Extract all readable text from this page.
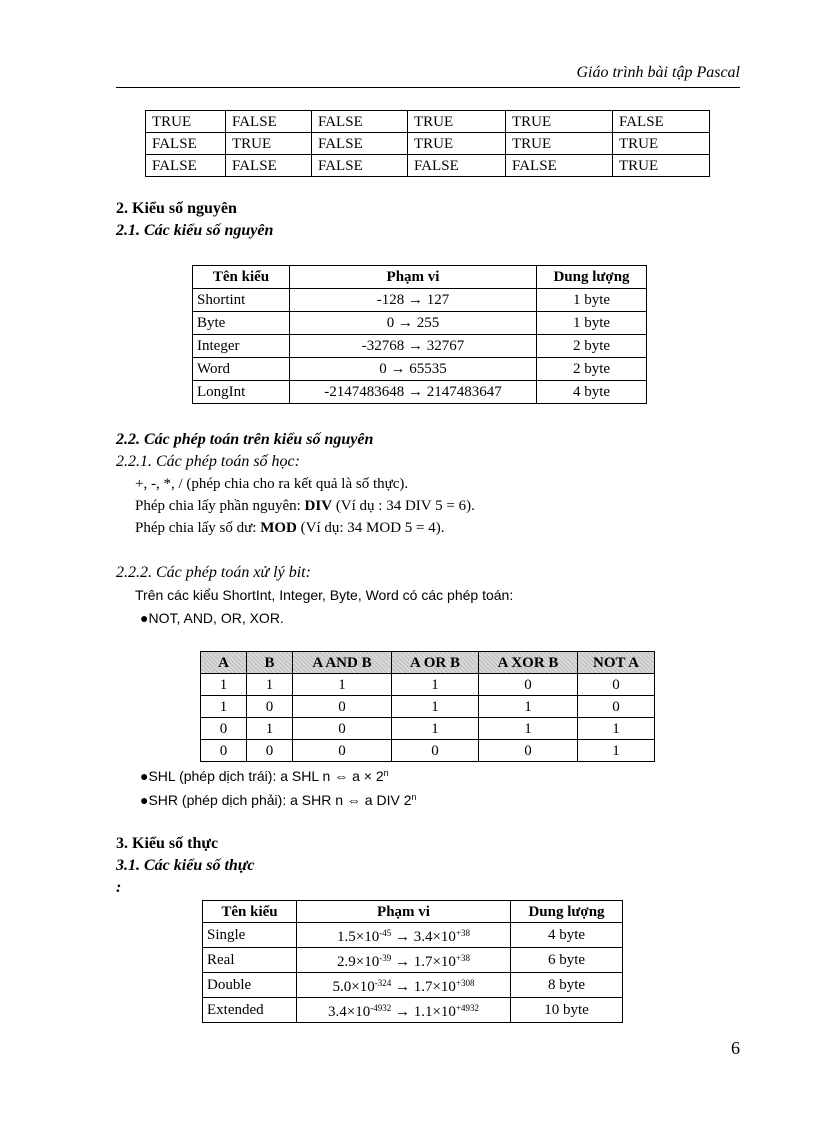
Giáo trình bài tập Pascal
TRUE	FALSE	FALSE	TRUE	TRUE	FALSE
FALSE	TRUE	FALSE	TRUE	TRUE	TRUE
FALSE	FALSE	FALSE	FALSE	FALSE	TRUE
2. Kiểu số nguyên
2.1. Các kiểu số nguyên
Tên kiểu	Phạm vi	Dung lượng
Shortint	-128 → 127	1 byte
Byte	0 → 255	1 byte
Integer	-32768 → 32767	2 byte
Word	0 → 65535	2 byte
LongInt	-2147483648 → 2147483647	4 byte
2.2. Các phép toán trên kiểu số nguyên
2.2.1. Các phép toán số học:
+, -, *, / (phép chia cho ra kết quả là số thực).
Phép chia lấy phần nguyên: DIV (Ví dụ : 34 DIV 5 = 6).
Phép chia lấy số dư: MOD (Ví dụ: 34 MOD 5 = 4).
2.2.2. Các phép toán xử lý bit:
Trên các kiểu ShortInt, Integer, Byte, Word có các phép toán:
●NOT, AND, OR, XOR.
A	B	A AND B	A OR B	A XOR B	NOT A
1	1	1	1	0	0
1	0	0	1	1	0
0	1	0	1	1	1
0	0	0	0	0	1
●SHL (phép dịch trái): a SHL n ⇔ $a \times 2^n$
●SHR (phép dịch phải): a SHR n ⇔ a DIV 2$^n$
3. Kiểu số thực
3.1. Các kiểu số thực
:
Tên kiểu	Phạm vi	Dung lượng
Single	$1.5\times 10^{-45} \to 3.4\times 10^{+38}$	4 byte
Real	$2.9\times 10^{-39} \to 1.7\times 10^{+38}$	6 byte
Double	$5.0\times 10^{-324} \to 1.7\times 10^{+308}$	8 byte
Extended	$3.4\times 10^{-4932} \to 1.1\times 10^{+4932}$	10 byte
6
